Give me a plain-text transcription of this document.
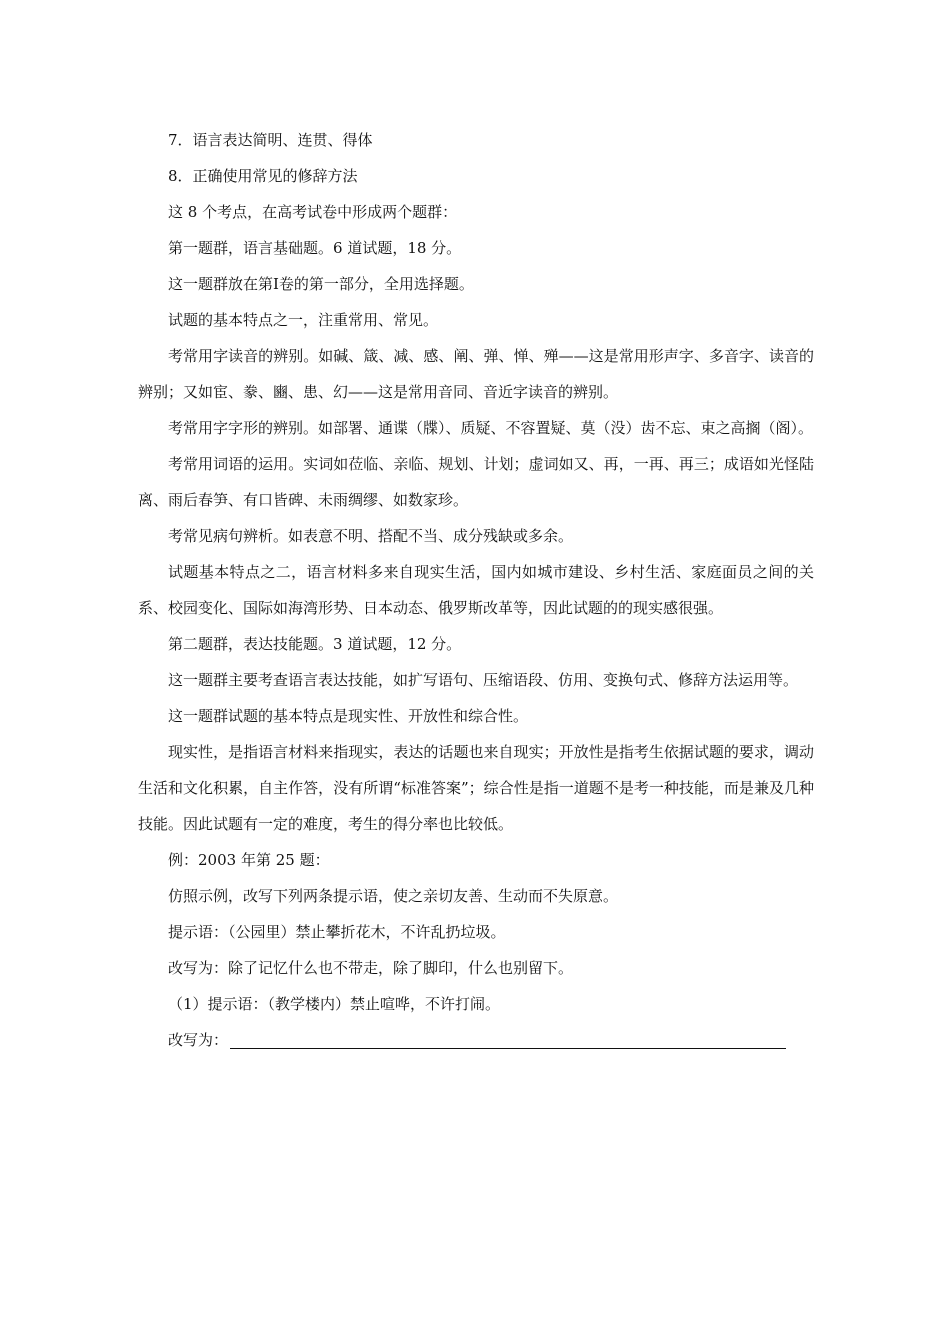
7．语言表达简明、连贯、得体

8．正确使用常见的修辞方法

这 8 个考点，在高考试卷中形成两个题群：

第一题群，语言基础题。6 道试题，18 分。

这一题群放在第Ⅰ卷的第一部分，全用选择题。

试题的基本特点之一，注重常用、常见。

考常用字读音的辨别。如碱、箴、减、感、阐、弹、惮、殚——这是常用形声字、多音字、读音的辨别；又如宦、豢、豳、患、幻——这是常用音同、音近字读音的辨别。

考常用字字形的辨别。如部署、通谍（牒）、质疑、不容置疑、莫（没）齿不忘、束之高搁（阁）。

考常用词语的运用。实词如莅临、亲临、规划、计划；虚词如又、再，一再、再三；成语如光怪陆离、雨后春笋、有口皆碑、未雨绸缪、如数家珍。

考常见病句辨析。如表意不明、搭配不当、成分残缺或多余。

试题基本特点之二，语言材料多来自现实生活，国内如城市建设、乡村生活、家庭面员之间的关系、校园变化、国际如海湾形势、日本动态、俄罗斯改革等，因此试题的的现实感很强。

第二题群，表达技能题。3 道试题，12 分。

这一题群主要考查语言表达技能，如扩写语句、压缩语段、仿用、变换句式、修辞方法运用等。

这一题群试题的基本特点是现实性、开放性和综合性。

现实性，是指语言材料来指现实，表达的话题也来自现实；开放性是指考生依据试题的要求，调动生活和文化积累，自主作答，没有所谓“标准答案”；综合性是指一道题不是考一种技能，而是兼及几种技能。因此试题有一定的难度，考生的得分率也比较低。

例：2003 年第 25 题：

仿照示例，改写下列两条提示语，使之亲切友善、生动而不失原意。

提示语：（公园里）禁止攀折花木，不许乱扔垃圾。

改写为：除了记忆什么也不带走，除了脚印，什么也别留下。

（1）提示语：（教学楼内）禁止喧哗，不许打闹。

改写为：
